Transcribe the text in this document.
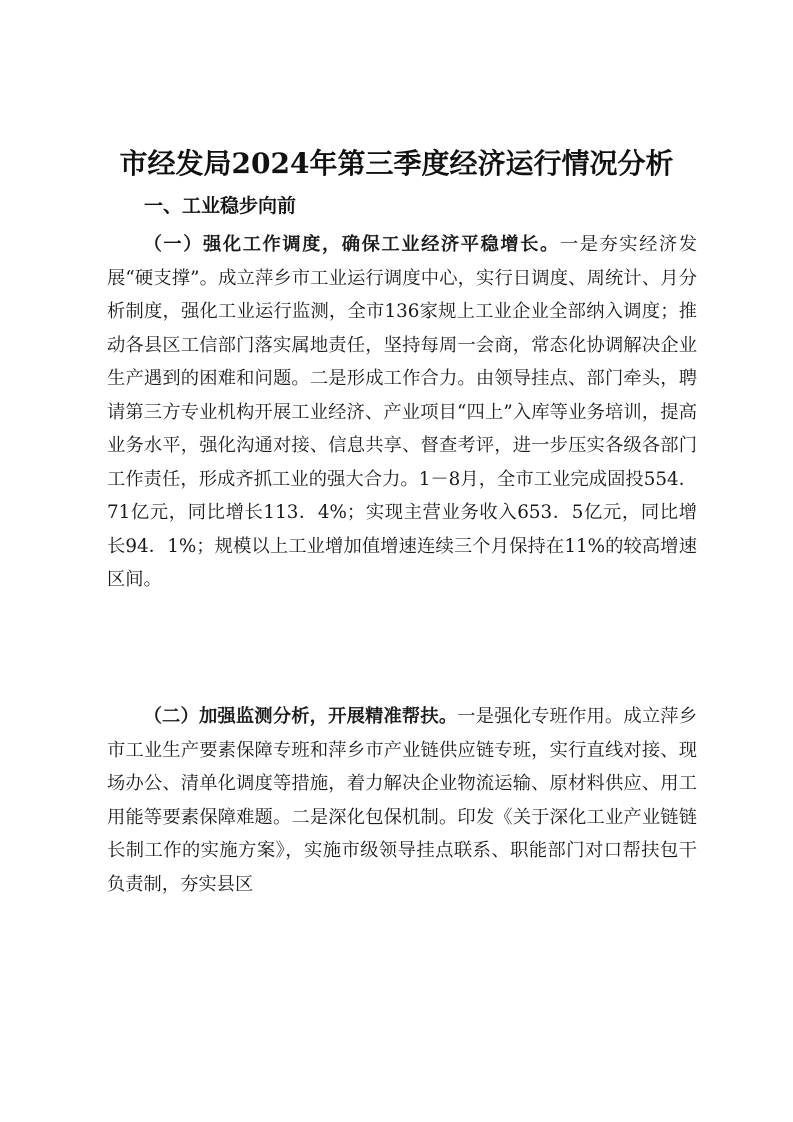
市经发局2024年第三季度经济运行情况分析
一、工业稳步向前

（一）强化工作调度，确保工业经济平稳增长。一是夯实经济发展“硬支撑”。成立萍乡市工业运行调度中心，实行日调度、周统计、月分析制度，强化工业运行监测，全市136家规上工业企业全部纳入调度；推动各县区工信部门落实属地责任，坚持每周一会商，常态化协调解决企业生产遇到的困难和问题。二是形成工作合力。由领导挂点、部门牵头，聘请第三方专业机构开展工业经济、产业项目“四上”入库等业务培训，提高业务水平，强化沟通对接、信息共享、督查考评，进一步压实各级各部门工作责任，形成齐抓工业的强大合力。1－8月，全市工业完成固投554．71亿元，同比增长113．4%；实现主营业务收入653．5亿元，同比增长94．1%；规模以上工业增加值增速连续三个月保持在11%的较高增速区间。

（二）加强监测分析，开展精准帮扶。一是强化专班作用。成立萍乡市工业生产要素保障专班和萍乡市产业链供应链专班，实行直线对接、现场办公、清单化调度等措施，着力解决企业物流运输、原材料供应、用工用能等要素保障难题。二是深化包保机制。印发《关于深化工业产业链链长制工作的实施方案》，实施市级领导挂点联系、职能部门对口帮扶包干负责制，夯实县区
